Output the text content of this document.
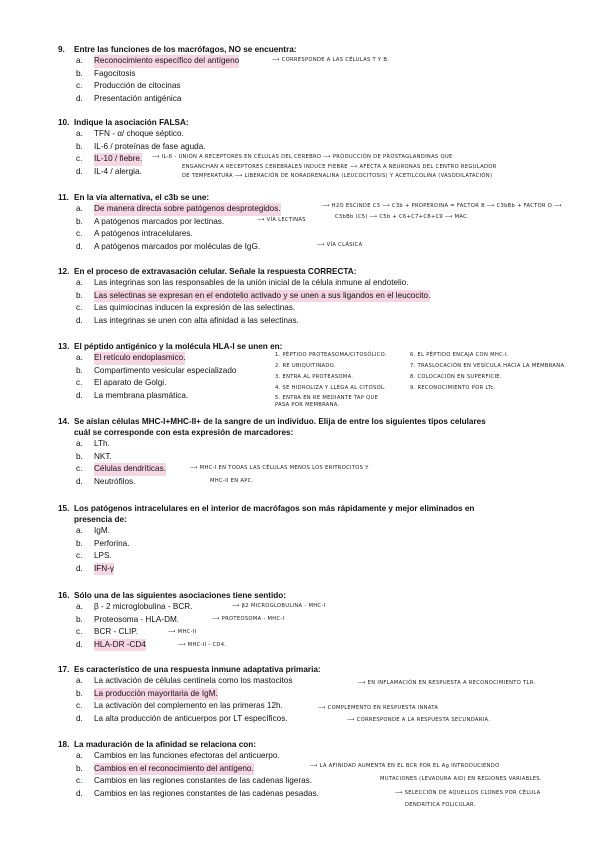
9. Entre las funciones de los macrófagos, NO se encuentra:
a. Reconocimiento específico del antígeno
b. Fagocitosis
c. Producción de citocinas
d. Presentación antigénica
⟶ CORRESPONDE A LAS CÉLULAS T Y B.
10. Indique la asociación FALSA:
a. TFN - α/ choque séptico.
b. IL-6 / proteínas de fase aguda.
c. IL-10 / fiebre.
d. IL-4 / alergia.
⟶ IL-6 - UNIÓN A RECEPTORES EN CÉLULAS DEL CEREBRO ⟶ PRODUCCIÓN DE PROSTAGLANDINAS QUE
ENGANCHAN A RECEPTORES CEREBRALES INDUCE FIEBRE ⟶ AFECTA A NEURONAS DEL CENTRO REGULADOR
DE TEMPERATURA ⟶ LIBERACIÓN DE NORADRENALINA (LEUCOCITOSIS) Y ACETILCOLINA (VASODILATACIÓN)
11. En la vía alternativa, el c3b se une:
a. De manera directa sobre patógenos desprotegidos.
b. A patógenos marcados por lectinas.
c. A patógenos intracelulares.
d. A patógenos marcados por moléculas de IgG.
⟶ H2O ESCINDE C3 ⟶ C3b + PROPERDINA = FACTOR B ⟶ C3bBb + FACTOR D ⟶
⟶ VÍA LECTINAS	C3bBb (C5) ⟶ C5b + C6+C7+C8+C9 ⟶ MAC.
⟶ VÍA CLÁSICA
12. En el proceso de extravasación celular. Señale la respuesta CORRECTA:
a. Las integrinas son las responsables de la unión inicial de la célula inmune al endotelio.
b. Las selectinas se expresan en el endotelio activado y se unen a sus ligandos en el leucocito.
c. Las quimiocinas inducen la expresión de las selectinas.
d. Las integrinas se unen con alta afinidad a las selectinas.
13. El péptido antigénico y la molécula HLA-I se unen en:
a. El retículo endoplasmico.
b. Compartimento vesicular especializado
c. El aparato de Golgi.
d. La membrana plasmática.
1. PÉPTIDO PROTEASOMA/CITOSÓLICO.
2. RE UBIQUITINADO.
3. ENTRA AL PROTEASOMA.
4. SE HIDROLIZA Y LLEGA AL CITOSOL.
5. ENTRA EN RE MEDIANTE TAP QUE PASA POR MEMBRANA.
6. EL PÉPTIDO ENCAJA CON MHC-I.
7. TRASLOCACIÓN EN VESÍCULA HACIA LA MEMBRANA.
8. COLOCACIÓN EN SUPERFICIE.
9. RECONOCIMIENTO POR LTc.
14. Se aíslan células MHC-I+MHC-II+ de la sangre de un individuo. Elija de entre los siguientes tipos celulares
cuál se corresponde con esta expresión de marcadores:
a. LTh.
b. NKT.
c. Células dendríticas.
d. Neutrófilos.
⟶ MHC-I EN TODAS LAS CÉLULAS MENOS LOS ERITROCITOS Y
MHC-II EN APC.
15. Los patógenos intracelulares en el interior de macrófagos son más rápidamente y mejor eliminados en
presencia de:
a. IgM.
b. Perforina.
c. LPS.
d. IFN-γ
16. Sólo una de las siguientes asociaciones tiene sentido:
a. β - 2 microglobulina - BCR.
b. Proteosoma - HLA-DM.
c. BCR - CLIP.
d. HLA-DR -CD4
⟶ β2 MICROGLOBULINA - MHC-I
⟶ PROTEOSOMA - MHC-I
⟶ MHC-II
⟶ MHC-II - CD4.
17. Es característico de una respuesta inmune adaptativa primaria:
a. La activación de células centinela como los mastocitos
b. La producción mayoritaria de IgM.
c. La activación del complemento en las primeras 12h.
d. La alta producción de anticuerpos por LT específicos.
⟶ EN INFLAMACIÓN EN RESPUESTA A RECONOCIMIENTO TLR.
⟶ COMPLEMENTO EN RESPUESTA INNATA
⟶ CORRESPONDE A LA RESPUESTA SECUNDARIA.
18. La maduración de la afinidad se relaciona con:
a. Cambios en las funciones efectoras del anticuerpo.
b. Cambios en el reconocimiento del antígeno.
c. Cambios en las regiones constantes de las cadenas ligeras.
d. Cambios en las regiones constantes de las cadenas pesadas.
⟶ LA AFINIDAD AUMENTA EN EL BCR POR EL Ag INTRODUCIENDO
MUTACIONES (LEVADURA AID) EN REGIONES VARIABLES.
⟶ SELECCIÓN DE AQUELLOS CLONES POR CÉLULA
DENDRÍTICA FOLICULAR.
